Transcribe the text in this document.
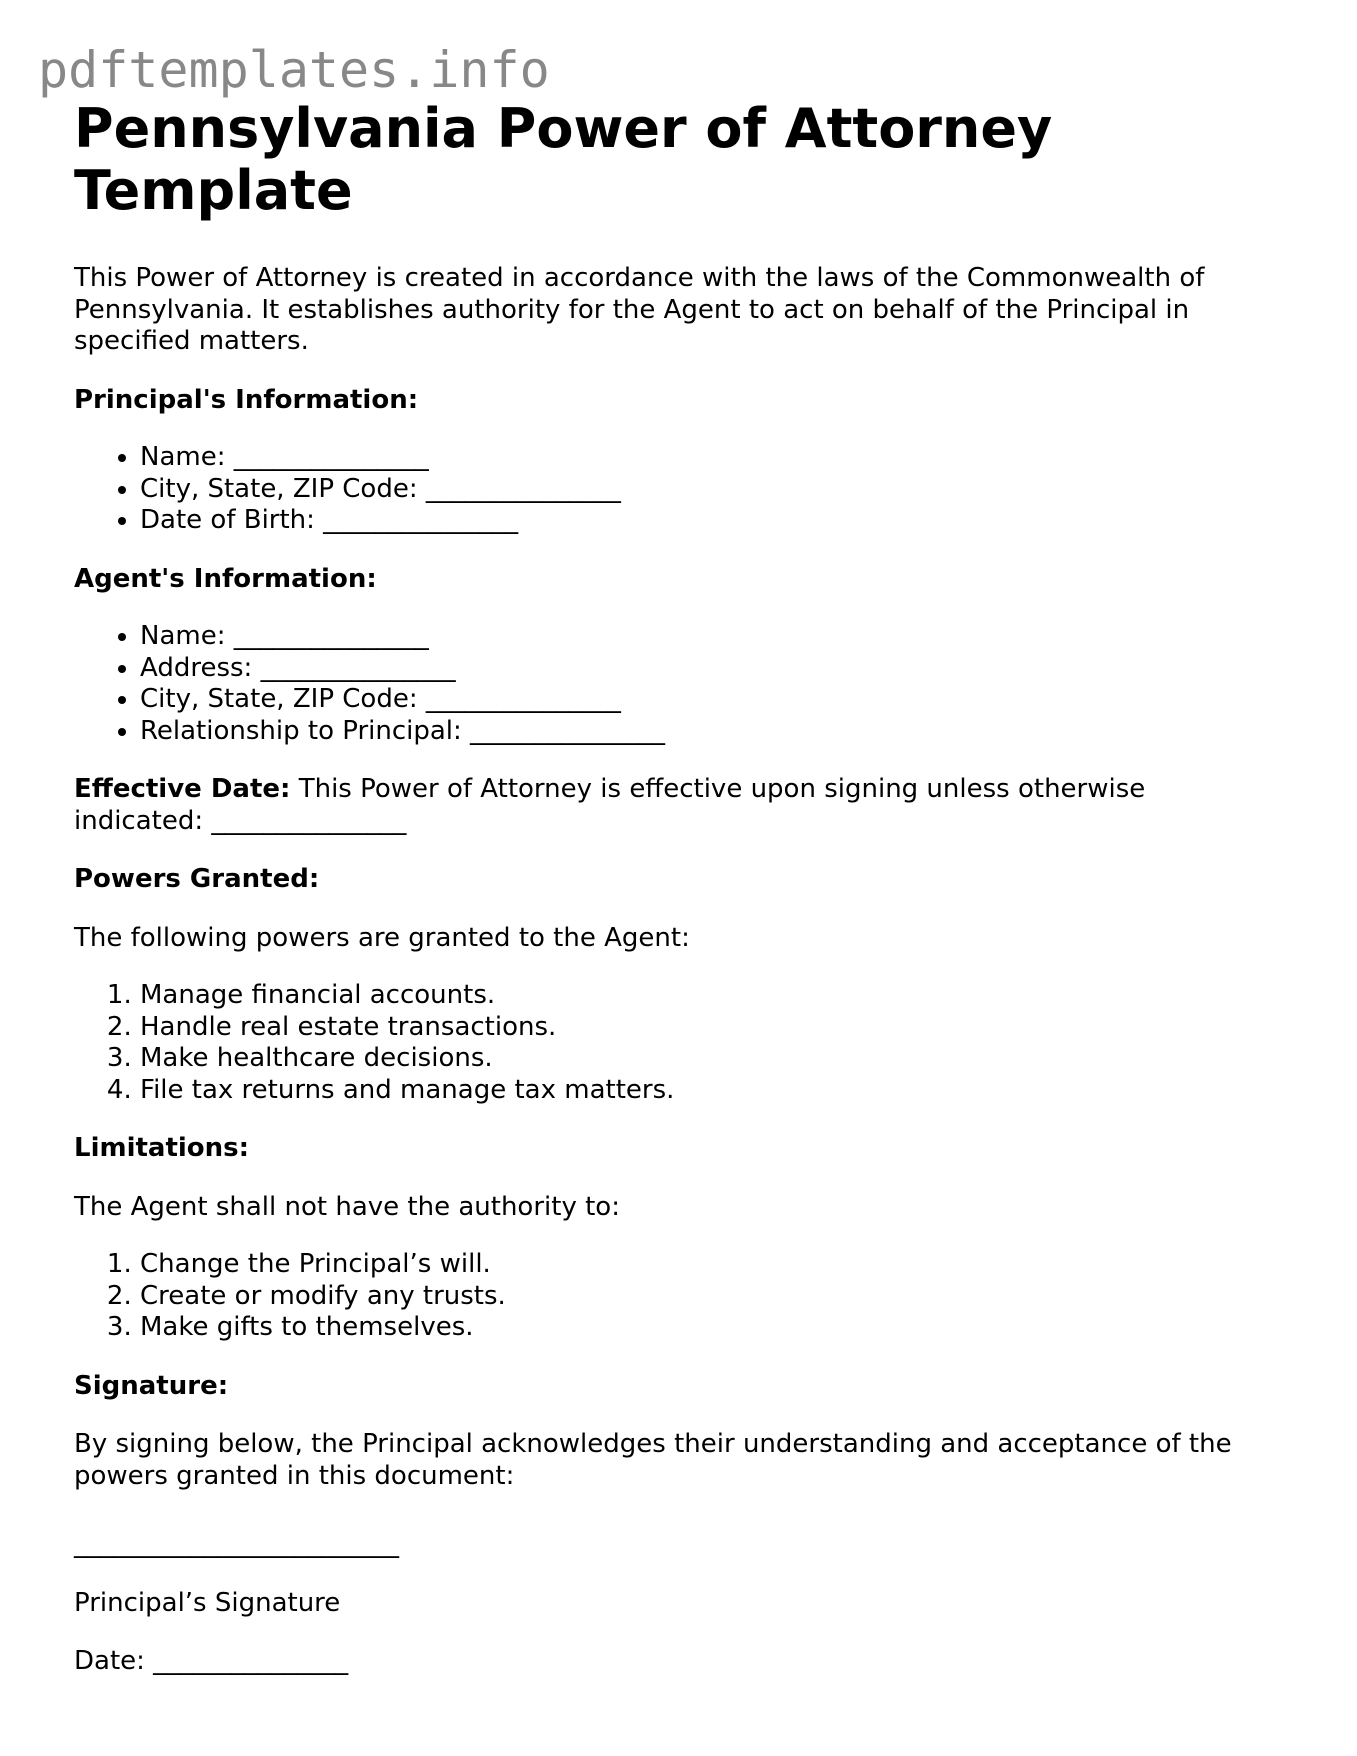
pdftemplates.info
Pennsylvania Power of Attorney Template

This Power of Attorney is created in accordance with the laws of the Commonwealth of Pennsylvania. It establishes authority for the Agent to act on behalf of the Principal in specified matters.

Principal's Information:

• Name: _______________
• City, State, ZIP Code: _______________
• Date of Birth: _______________

Agent's Information:

• Name: _______________
• Address: _______________
• City, State, ZIP Code: _______________
• Relationship to Principal: _______________

Effective Date: This Power of Attorney is effective upon signing unless otherwise indicated: _______________

Powers Granted:

The following powers are granted to the Agent:

1. Manage financial accounts.
2. Handle real estate transactions.
3. Make healthcare decisions.
4. File tax returns and manage tax matters.

Limitations:

The Agent shall not have the authority to:

1. Change the Principal’s will.
2. Create or modify any trusts.
3. Make gifts to themselves.

Signature:

By signing below, the Principal acknowledges their understanding and acceptance of the powers granted in this document:

_________________________

Principal’s Signature

Date: _______________
